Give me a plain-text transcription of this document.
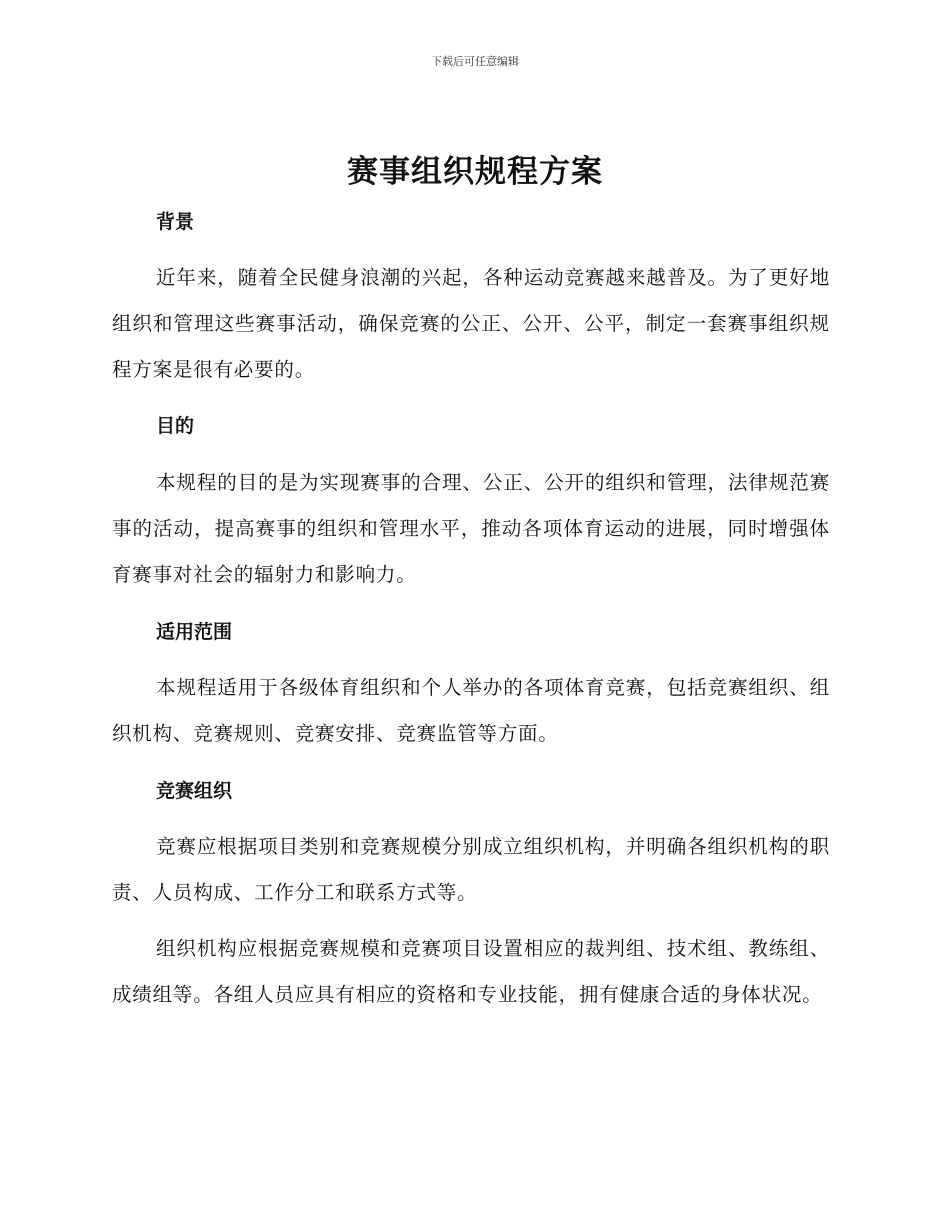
下载后可任意编辑
赛事组织规程方案
背景

近年来，随着全民健身浪潮的兴起，各种运动竞赛越来越普及。为了更好地组织和管理这些赛事活动，确保竞赛的公正、公开、公平，制定一套赛事组织规程方案是很有必要的。

目的

本规程的目的是为实现赛事的合理、公正、公开的组织和管理，法律规范赛事的活动，提高赛事的组织和管理水平，推动各项体育运动的进展，同时增强体育赛事对社会的辐射力和影响力。

适用范围

本规程适用于各级体育组织和个人举办的各项体育竞赛，包括竞赛组织、组织机构、竞赛规则、竞赛安排、竞赛监管等方面。

竞赛组织

竞赛应根据项目类别和竞赛规模分别成立组织机构，并明确各组织机构的职责、人员构成、工作分工和联系方式等。

组织机构应根据竞赛规模和竞赛项目设置相应的裁判组、技术组、教练组、成绩组等。各组人员应具有相应的资格和专业技能，拥有健康合适的身体状况。
